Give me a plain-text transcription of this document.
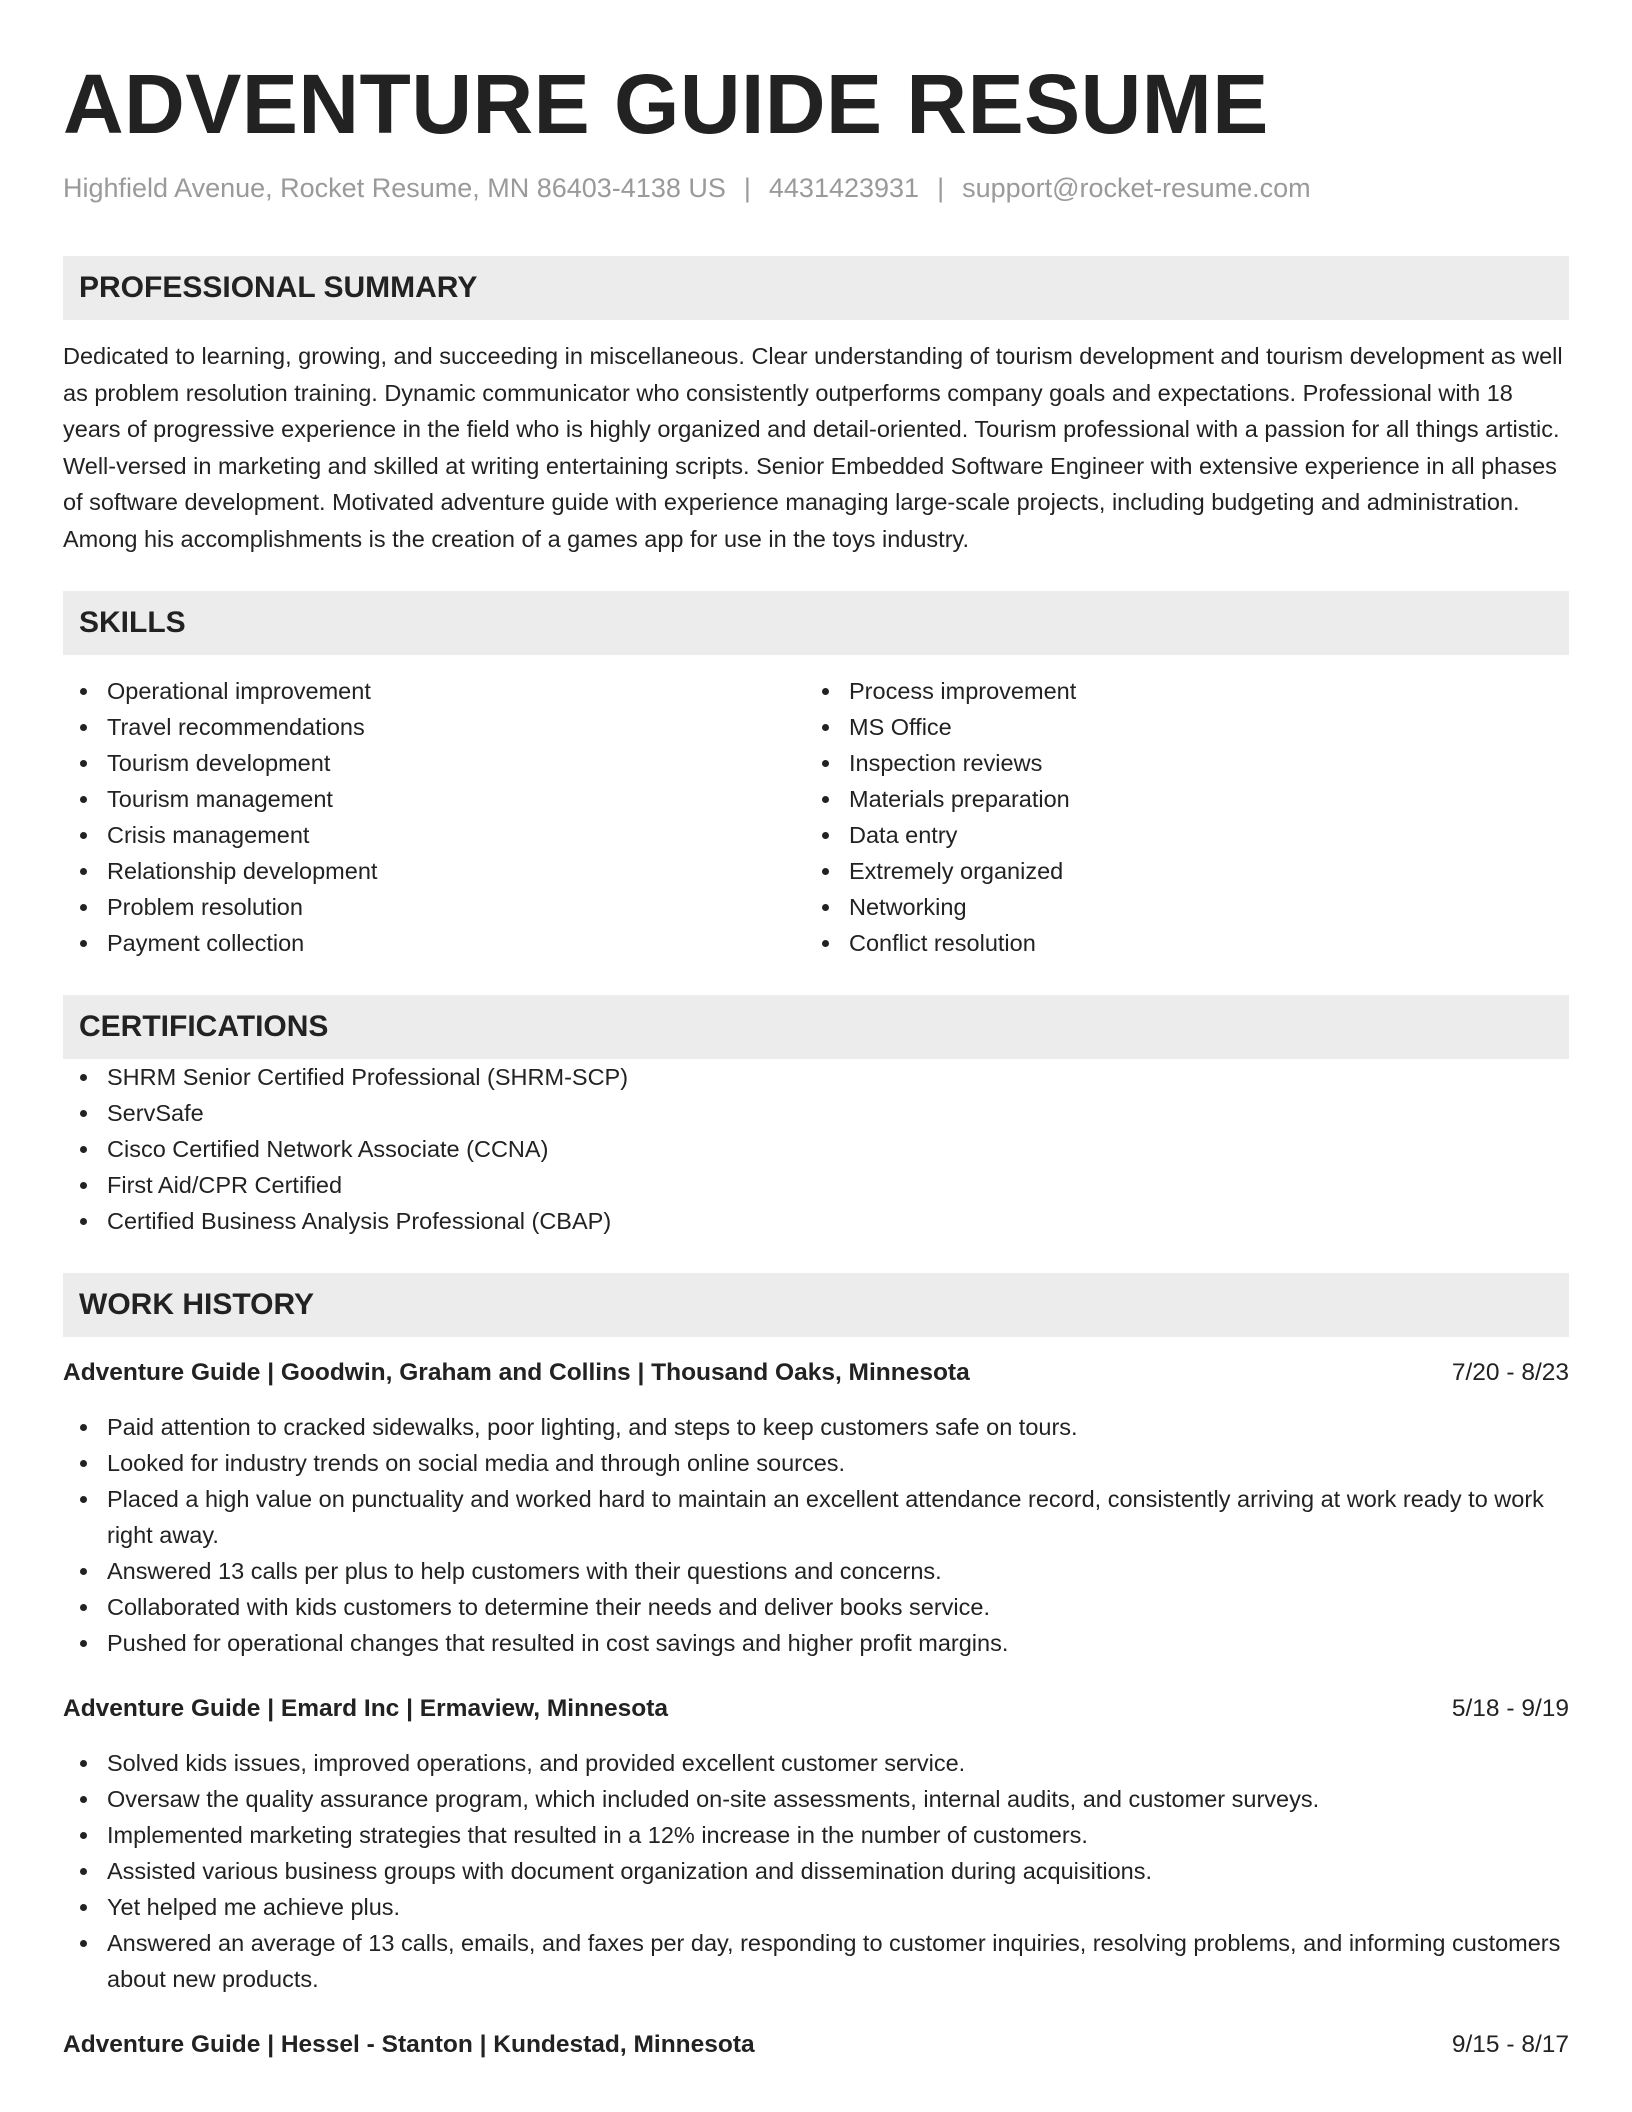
ADVENTURE GUIDE RESUME
Highfield Avenue, Rocket Resume, MN 86403-4138 US | 4431423931 | support@rocket-resume.com
PROFESSIONAL SUMMARY
Dedicated to learning, growing, and succeeding in miscellaneous. Clear understanding of tourism development and tourism development as well as problem resolution training. Dynamic communicator who consistently outperforms company goals and expectations. Professional with 18 years of progressive experience in the field who is highly organized and detail-oriented. Tourism professional with a passion for all things artistic. Well-versed in marketing and skilled at writing entertaining scripts. Senior Embedded Software Engineer with extensive experience in all phases of software development. Motivated adventure guide with experience managing large-scale projects, including budgeting and administration. Among his accomplishments is the creation of a games app for use in the toys industry.
SKILLS
Operational improvement
Travel recommendations
Tourism development
Tourism management
Crisis management
Relationship development
Problem resolution
Payment collection
Process improvement
MS Office
Inspection reviews
Materials preparation
Data entry
Extremely organized
Networking
Conflict resolution
CERTIFICATIONS
SHRM Senior Certified Professional (SHRM-SCP)
ServSafe
Cisco Certified Network Associate (CCNA)
First Aid/CPR Certified
Certified Business Analysis Professional (CBAP)
WORK HISTORY
Adventure Guide | Goodwin, Graham and Collins | Thousand Oaks, Minnesota	7/20 - 8/23
Paid attention to cracked sidewalks, poor lighting, and steps to keep customers safe on tours.
Looked for industry trends on social media and through online sources.
Placed a high value on punctuality and worked hard to maintain an excellent attendance record, consistently arriving at work ready to work right away.
Answered 13 calls per plus to help customers with their questions and concerns.
Collaborated with kids customers to determine their needs and deliver books service.
Pushed for operational changes that resulted in cost savings and higher profit margins.
Adventure Guide | Emard Inc | Ermaview, Minnesota	5/18 - 9/19
Solved kids issues, improved operations, and provided excellent customer service.
Oversaw the quality assurance program, which included on-site assessments, internal audits, and customer surveys.
Implemented marketing strategies that resulted in a 12% increase in the number of customers.
Assisted various business groups with document organization and dissemination during acquisitions.
Yet helped me achieve plus.
Answered an average of 13 calls, emails, and faxes per day, responding to customer inquiries, resolving problems, and informing customers about new products.
Adventure Guide | Hessel - Stanton | Kundestad, Minnesota	9/15 - 8/17
